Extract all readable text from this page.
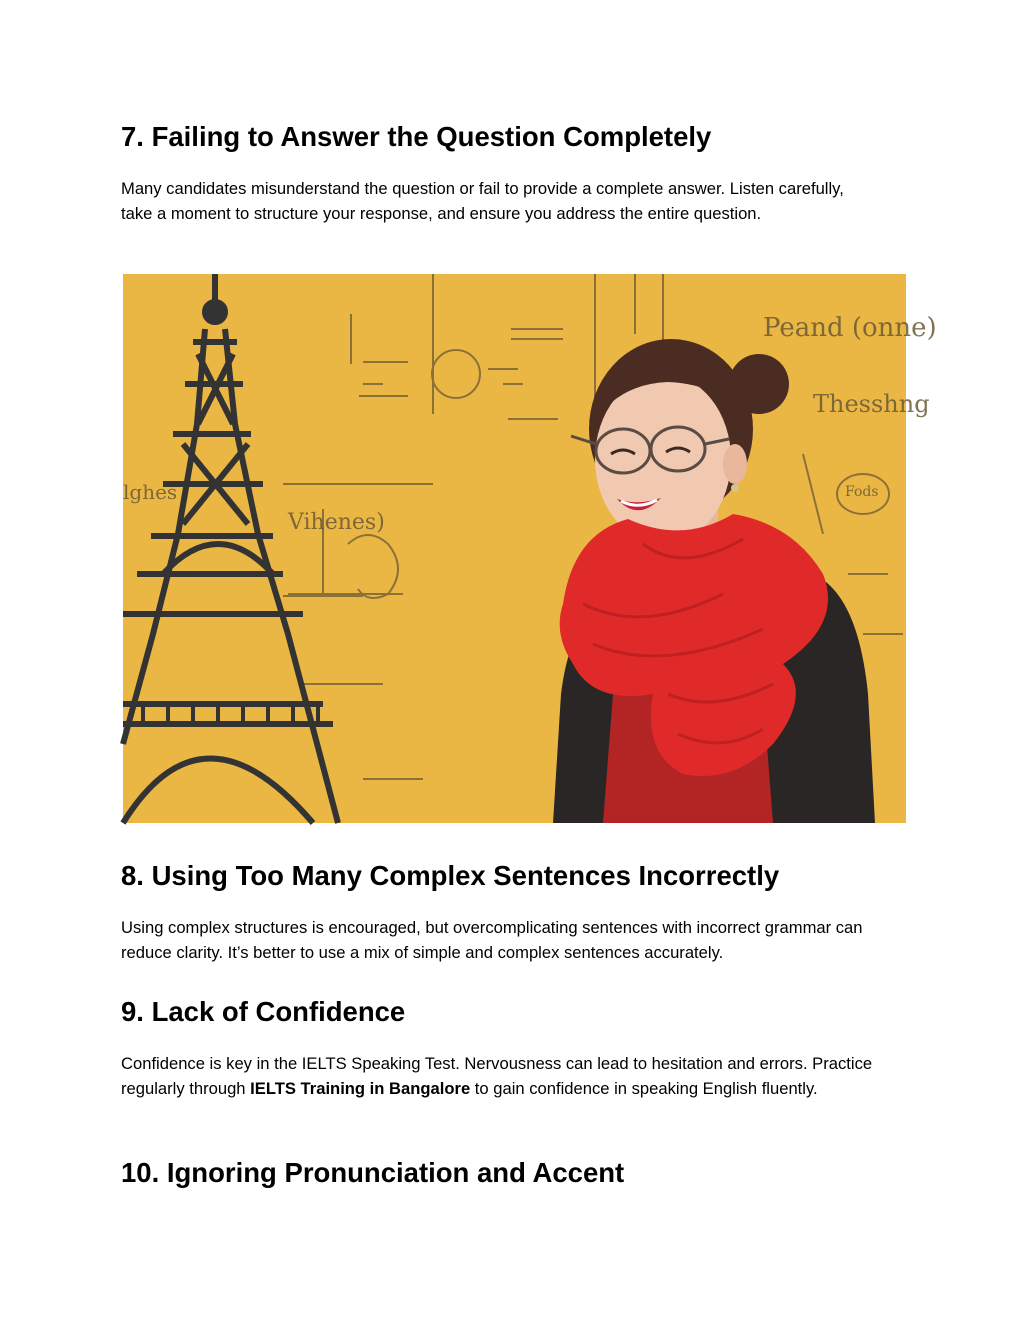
7. Failing to Answer the Question Completely

Many candidates misunderstand the question or fail to provide a complete answer. Listen carefully, take a moment to structure your response, and ensure you address the entire question.

Peand (onne)
Thesshng
Vihenes)
lghes	Fods
8. Using Too Many Complex Sentences Incorrectly

Using complex structures is encouraged, but overcomplicating sentences with incorrect grammar can reduce clarity. It’s better to use a mix of simple and complex sentences accurately.

9. Lack of Confidence

Confidence is key in the IELTS Speaking Test. Nervousness can lead to hesitation and errors. Practice regularly through IELTS Training in Bangalore to gain confidence in speaking English fluently.

10. Ignoring Pronunciation and Accent
